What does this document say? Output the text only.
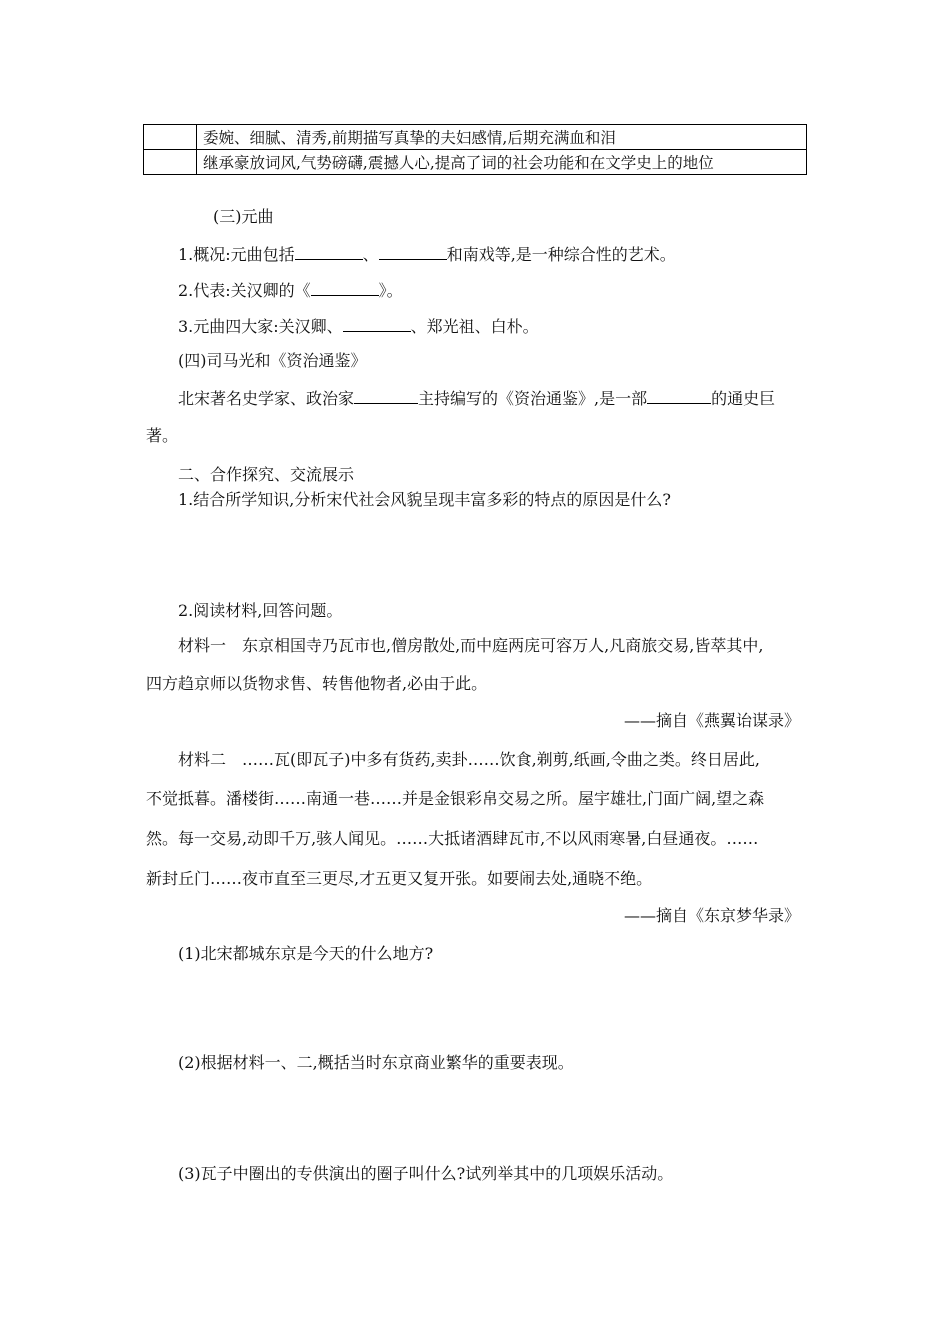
	委婉、细腻、清秀,前期描写真挚的夫妇感情,后期充满血和泪
	继承豪放词风,气势磅礴,震撼人心,提高了词的社会功能和在文学史上的地位
(三)元曲
1.概况:元曲包括	、	和南戏等,是一种综合性的艺术。
2.代表:关汉卿的《	》。
3.元曲四大家:关汉卿、	、郑光祖、白朴。
(四)司马光和《资治通鉴》
北宋著名史学家、政治家	主持编写的《资治通鉴》,是一部	的通史巨
著。
二、合作探究、交流展示
1.结合所学知识,分析宋代社会风貌呈现丰富多彩的特点的原因是什么?
2.阅读材料,回答问题。
材料一　东京相国寺乃瓦市也,僧房散处,而中庭两庑可容万人,凡商旅交易,皆萃其中,
四方趋京师以货物求售、转售他物者,必由于此。
——摘自《燕翼诒谋录》
材料二　……瓦(即瓦子)中多有货药,卖卦……饮食,剃剪,纸画,令曲之类。终日居此,
不觉抵暮。潘楼街……南通一巷……并是金银彩帛交易之所。屋宇雄壮,门面广阔,望之森
然。每一交易,动即千万,骇人闻见。……大抵诸酒肆瓦市,不以风雨寒暑,白昼通夜。……
新封丘门……夜市直至三更尽,才五更又复开张。如要闹去处,通晓不绝。
——摘自《东京梦华录》
(1)北宋都城东京是今天的什么地方?
(2)根据材料一、二,概括当时东京商业繁华的重要表现。
(3)瓦子中圈出的专供演出的圈子叫什么?试列举其中的几项娱乐活动。
